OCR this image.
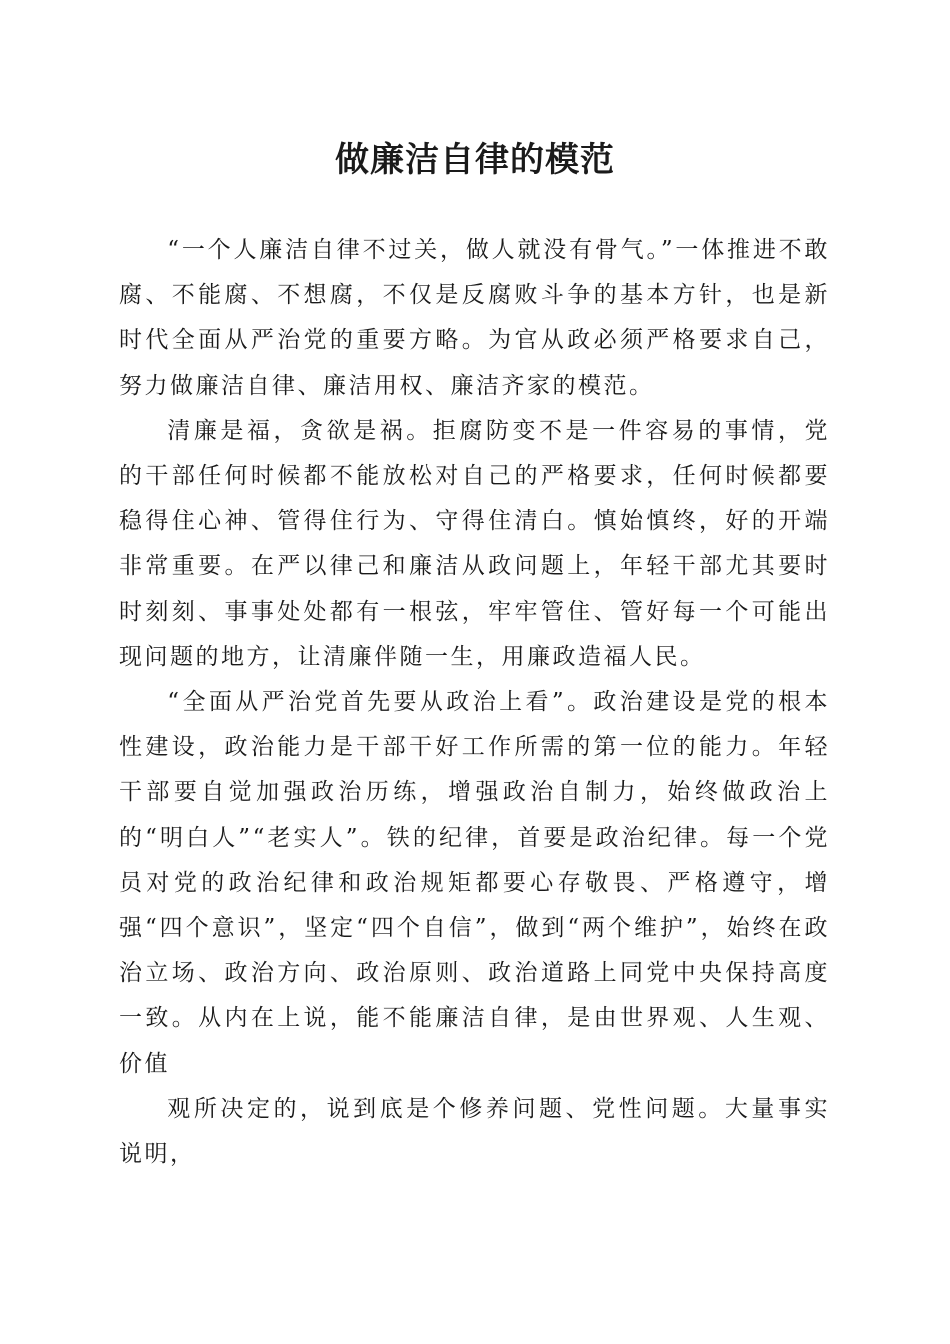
做廉洁自律的模范

“一个人廉洁自律不过关，做人就没有骨气。”一体推进不敢腐、不能腐、不想腐，不仅是反腐败斗争的基本方针，也是新时代全面从严治党的重要方略。为官从政必须严格要求自己，努力做廉洁自律、廉洁用权、廉洁齐家的模范。

清廉是福，贪欲是祸。拒腐防变不是一件容易的事情，党的干部任何时候都不能放松对自己的严格要求，任何时候都要稳得住心神、管得住行为、守得住清白。慎始慎终，好的开端非常重要。在严以律己和廉洁从政问题上，年轻干部尤其要时时刻刻、事事处处都有一根弦，牢牢管住、管好每一个可能出现问题的地方，让清廉伴随一生，用廉政造福人民。

“全面从严治党首先要从政治上看”。政治建设是党的根本性建设，政治能力是干部干好工作所需的第一位的能力。年轻干部要自觉加强政治历练，增强政治自制力，始终做政治上的“明白人”“老实人”。铁的纪律，首要是政治纪律。每一个党员对党的政治纪律和政治规矩都要心存敬畏、严格遵守，增强“四个意识”，坚定“四个自信”，做到“两个维护”，始终在政治立场、政治方向、政治原则、政治道路上同党中央保持高度一致。从内在上说，能不能廉洁自律，是由世界观、人生观、价值

观所决定的，说到底是个修养问题、党性问题。大量事实说明，
